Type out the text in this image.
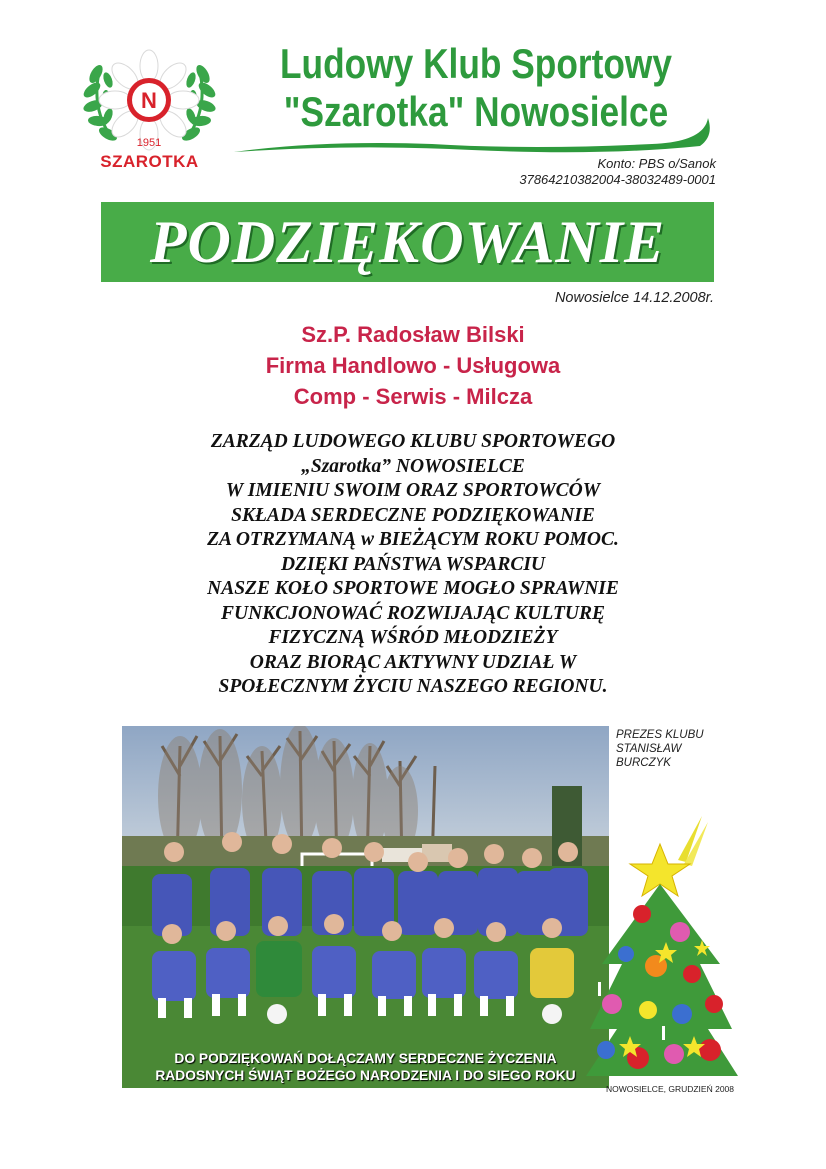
N
1951
SZAROTKA
Ludowy Klub Sportowy
"Szarotka" Nowosielce
Konto: PBS o/Sanok
37864210382004-38032489-0001
PODZIĘKOWANIE
Nowosielce 14.12.2008r.
Sz.P. Radosław Bilski
Firma Handlowo - Usługowa
Comp - Serwis - Milcza
ZARZĄD LUDOWEGO KLUBU SPORTOWEGO
„Szarotka” NOWOSIELCE
W IMIENIU SWOIM ORAZ SPORTOWCÓW
SKŁADA SERDECZNE PODZIĘKOWANIE
ZA OTRZYMANĄ w BIEŻĄCYM ROKU POMOC.
DZIĘKI PAŃSTWA WSPARCIU
NASZE KOŁO SPORTOWE MOGŁO SPRAWNIE
FUNKCJONOWAĆ ROZWIJAJĄC KULTURĘ
FIZYCZNĄ WŚRÓD MŁODZIEŻY
ORAZ BIORĄC AKTYWNY UDZIAŁ W
SPOŁECZNYM ŻYCIU NASZEGO REGIONU.
PREZES KLUBU
STANISŁAW
BURCZYK
DO PODZIĘKOWAŃ DOŁĄCZAMY SERDECZNE ŻYCZENIA
RADOSNYCH ŚWIĄT BOŻEGO NARODZENIA I DO SIEGO ROKU
NOWOSIELCE, GRUDZIEŃ 2008
